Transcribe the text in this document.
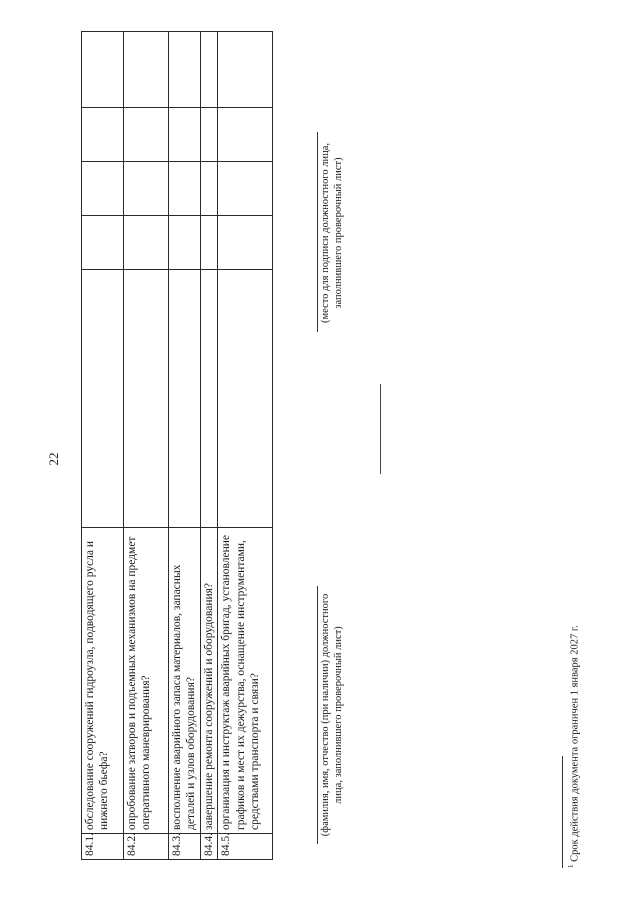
22
84.1.	обследование сооружений гидроузла, подводящего русла и нижнего бьефа?					
84.2.	опробование затворов и подъемных механизмов на предмет оперативного маневрирования?					
84.3.	восполнение аварийного запаса материалов, запасных деталей и узлов оборудования?					
84.4.	завершение ремонта сооружений и оборудования?					
84.5.	организация и инструктаж аварийных бригад, установление графиков и мест их дежурства, оснащение инструментами, средствами транспорта и связи?						(фамилия, имя, отчество (при наличии) должностного лица, заполнившего проверочный лист)
(место для подписи должностного лица, заполнившего проверочный лист)
$^1$ Срок действия документа ограничен 1 января 2027 г.
